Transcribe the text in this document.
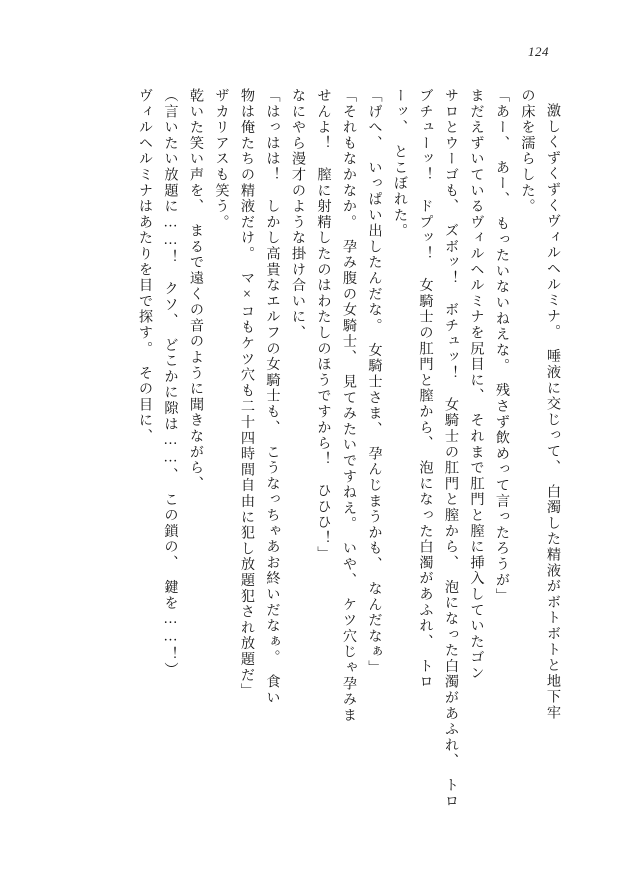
124
激しくずくずくヴィルヘルミナ。　唾液に交じって、　白濁した精液がボトボトと地下牢
の床を濡らした。
「あー、　あー、　もったいないねえな。　残さず飲めって言ったろうが」
まだえずいているヴィルヘルミナを尻目に、　それまで肛門と膣に挿入していたゴン
サロとウーゴも、　ズボッ！　ボチュッ！　女騎士の肛門と膣から、　泡になった白濁があふれ、　トロ
ブチューッ！　ドプッ！　女騎士の肛門と膣から、　泡になった白濁があふれ、　トロ
ーッ、　とこぼれた。
「げへ、　いっぱい出したんだな。　女騎士さま、　孕んじまうかも、　なんだなぁ」
「それもなかなか。　孕み腹の女騎士、　見てみたいですねえ。　いや、　ケツ穴じゃ孕みま
せんよ！　膣に射精したのはわたしのほうですから！　ひひひ！」
なにやら漫才のような掛け合いに、
「はっはは！　しかし高貴なエルフの女騎士も、　こうなっちゃあお終いだなぁ。　食い
物は俺たちの精液だけ。　マ×コもケツ穴も二十四時間自由に犯し放題犯され放題だ」
ザカリアスも笑う。
乾いた笑い声を、　まるで遠くの音のように聞きながら、
（言いたい放題に……！　クソ、　どこかに隙は……、　この鎖の、　鍵を……！）
ヴィルヘルミナはあたりを目で探す。　その目に、
